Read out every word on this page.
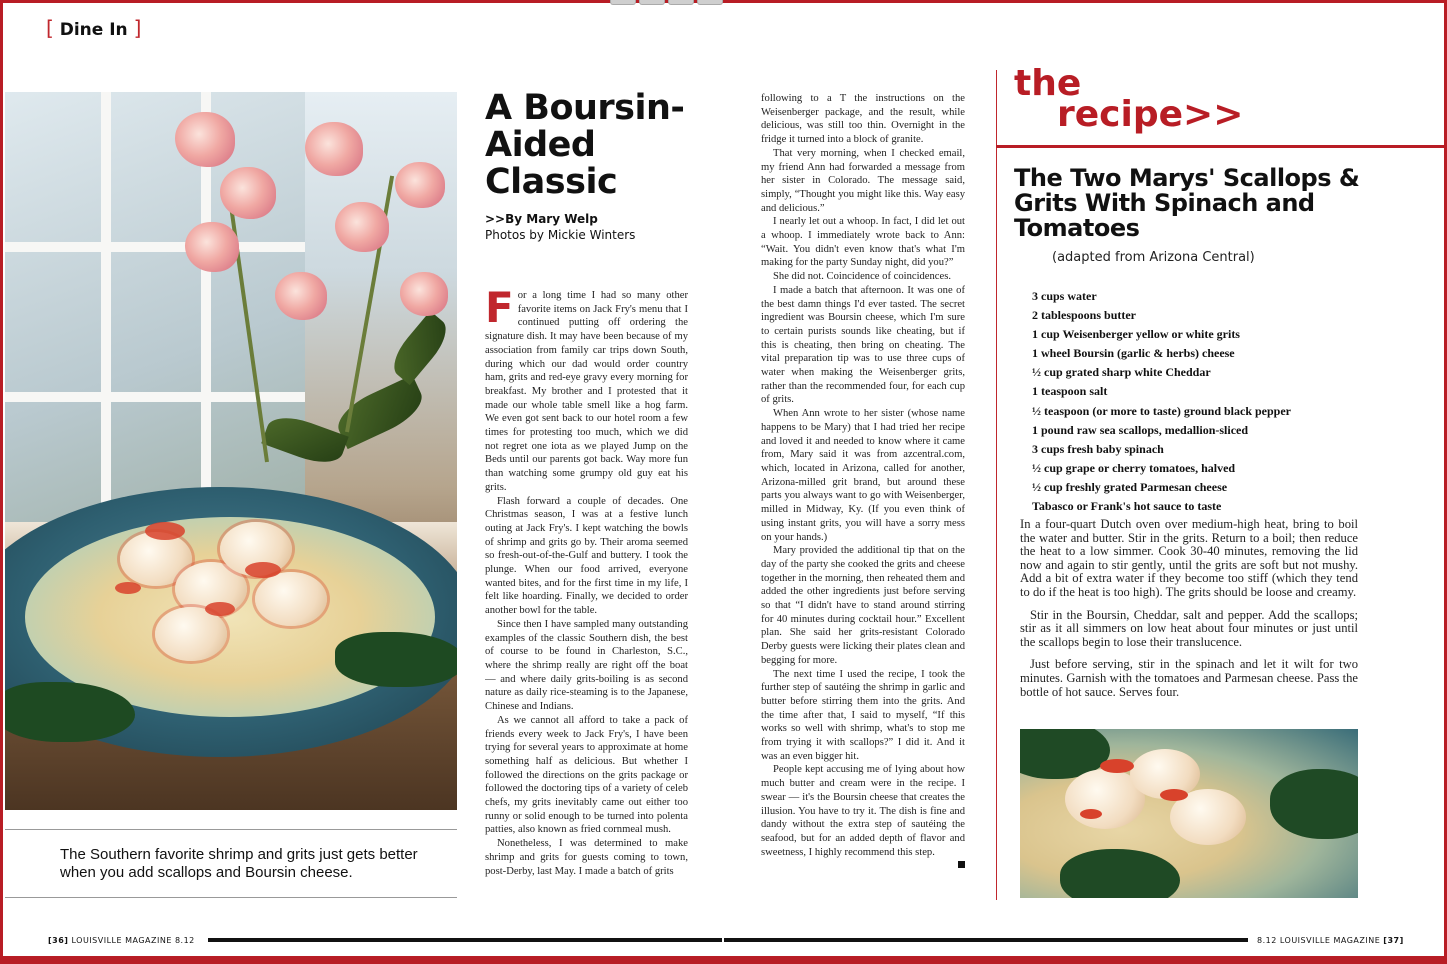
[ Dine In ]
The Southern favorite shrimp and grits just gets better when you add scallops and Boursin cheese.
A Boursin-Aided Classic
>>By Mary Welp
Photos by Mickie Winters
F or a long time I had so many other favorite items on Jack Fry's menu that I continued putting off ordering the signature dish. It may have been because of my association from family car trips down South, during which our dad would order country ham, grits and red-eye gravy every morning for breakfast. My brother and I protested that it made our whole table smell like a hog farm. We even got sent back to our hotel room a few times for protesting too much, which we did not regret one iota as we played Jump on the Beds until our parents got back. Way more fun than watching some grumpy old guy eat his grits.

Flash forward a couple of decades. One Christmas season, I was at a festive lunch outing at Jack Fry's. I kept watching the bowls of shrimp and grits go by. Their aroma seemed so fresh-out-of-the-Gulf and buttery. I took the plunge. When our food arrived, everyone wanted bites, and for the first time in my life, I felt like hoarding. Finally, we decided to order another bowl for the table.

Since then I have sampled many outstanding examples of the classic Southern dish, the best of course to be found in Charleston, S.C., where the shrimp really are right off the boat — and where daily grits-boiling is as second nature as daily rice-steaming is to the Japanese, Chinese and Indians.

As we cannot all afford to take a pack of friends every week to Jack Fry's, I have been trying for several years to approximate at home something half as delicious. But whether I followed the directions on the grits package or followed the doctoring tips of a variety of celeb chefs, my grits inevitably came out either too runny or solid enough to be turned into polenta patties, also known as fried cornmeal mush.

Nonetheless, I was determined to make shrimp and grits for guests coming to town, post-Derby, last May. I made a batch of grits

following to a T the instructions on the Weisenberger package, and the result, while delicious, was still too thin. Overnight in the fridge it turned into a block of granite.

That very morning, when I checked email, my friend Ann had forwarded a message from her sister in Colorado. The message said, simply, “Thought you might like this. Way easy and delicious.”

I nearly let out a whoop. In fact, I did let out a whoop. I immediately wrote back to Ann: “Wait. You didn't even know that's what I'm making for the party Sunday night, did you?”

She did not. Coincidence of coincidences.

I made a batch that afternoon. It was one of the best damn things I'd ever tasted. The secret ingredient was Boursin cheese, which I'm sure to certain purists sounds like cheating, but if this is cheating, then bring on cheating. The vital preparation tip was to use three cups of water when making the Weisenberger grits, rather than the recommended four, for each cup of grits.

When Ann wrote to her sister (whose name happens to be Mary) that I had tried her recipe and loved it and needed to know where it came from, Mary said it was from azcentral.com, which, located in Arizona, called for another, Arizona-milled grit brand, but around these parts you always want to go with Weisenberger, milled in Midway, Ky. (If you even think of using instant grits, you will have a sorry mess on your hands.)

Mary provided the additional tip that on the day of the party she cooked the grits and cheese together in the morning, then reheated them and added the other ingredients just before serving so that “I didn't have to stand around stirring for 40 minutes during cocktail hour.” Excellent plan. She said her grits-resistant Colorado Derby guests were licking their plates clean and begging for more.

The next time I used the recipe, I took the further step of sautéing the shrimp in garlic and butter before stirring them into the grits. And the time after that, I said to myself, “If this works so well with shrimp, what's to stop me from trying it with scallops?” I did it. And it was an even bigger hit.

People kept accusing me of lying about how much butter and cream were in the recipe. I swear — it's the Boursin cheese that creates the illusion. You have to try it. The dish is fine and dandy without the extra step of sautéing the seafood, but for an added depth of flavor and sweetness, I highly recommend this step.

the
recipe>>
The Two Marys' Scallops & Grits With Spinach and Tomatoes
(adapted from Arizona Central)
3 cups water
2 tablespoons butter
1 cup Weisenberger yellow or white grits
1 wheel Boursin (garlic & herbs) cheese
½ cup grated sharp white Cheddar
1 teaspoon salt
½ teaspoon (or more to taste) ground black pepper
1 pound raw sea scallops, medallion-sliced
3 cups fresh baby spinach
½ cup grape or cherry tomatoes, halved
½ cup freshly grated Parmesan cheese
Tabasco or Frank's hot sauce to taste

In a four-quart Dutch oven over medium-high heat, bring to boil the water and butter. Stir in the grits. Return to a boil; then reduce the heat to a low simmer. Cook 30-40 minutes, removing the lid now and again to stir gently, until the grits are soft but not mushy. Add a bit of extra water if they become too stiff (which they tend to do if the heat is too high). The grits should be loose and creamy.

Stir in the Boursin, Cheddar, salt and pepper. Add the scallops; stir as it all simmers on low heat about four minutes or just until the scallops begin to lose their translucence.

Just before serving, stir in the spinach and let it wilt for two minutes. Garnish with the tomatoes and Parmesan cheese. Pass the bottle of hot sauce. Serves four.

[36] LOUISVILLE MAGAZINE 8.12	8.12 LOUISVILLE MAGAZINE [37]
